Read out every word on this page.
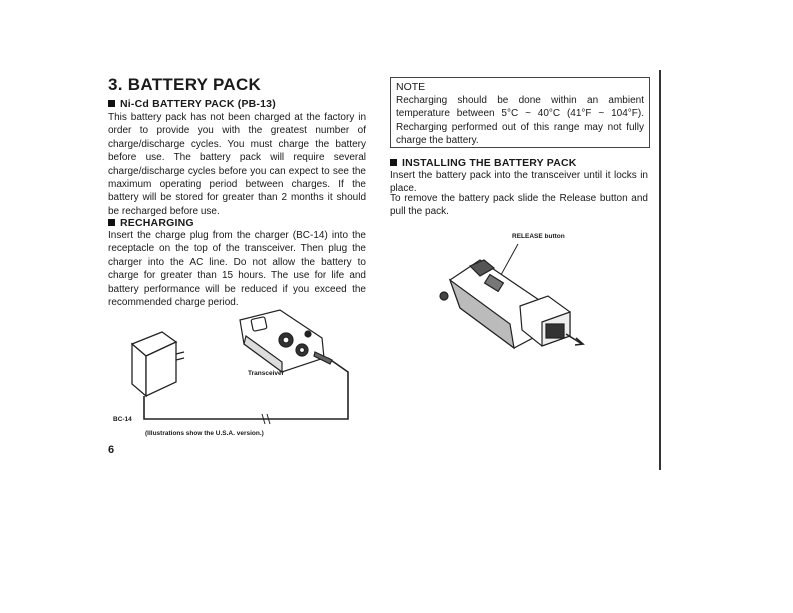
3. BATTERY PACK
Ni-Cd BATTERY PACK (PB-13)
This battery pack has not been charged at the factory in order to provide you with the greatest number of charge/discharge cycles. You must charge the battery before use. The battery pack will require several charge/discharge cycles before you can expect to see the maximum operating period between charges. If the battery will be stored for greater than 2 months it should be recharged before use.
RECHARGING
Insert the charge plug from the charger (BC-14) into the receptacle on the top of the transceiver. Then plug the charger into the AC line. Do not allow the battery to charge for greater than 15 hours. The use for life and battery performance will be reduced if you exceed the recommended charge period.
Transceiver
BC-14
(Illustrations show the U.S.A. version.)
6
NOTE
Recharging should be done within an ambient temperature between 5°C ~ 40°C (41°F ~ 104°F). Recharging performed out of this range may not fully charge the battery.
INSTALLING THE BATTERY PACK
Insert the battery pack into the transceiver until it locks in place.
To remove the battery pack slide the Release button and pull the pack.
RELEASE button
